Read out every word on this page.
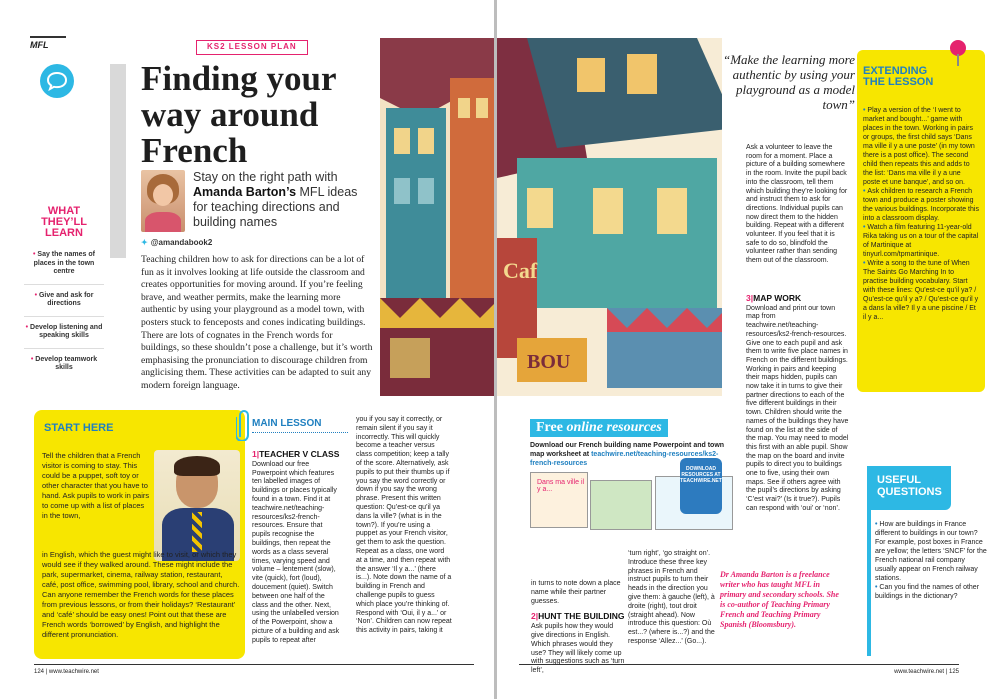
MFL	KS2 LESSON PLAN
Finding your way around French
Stay on the right path with Amanda Barton’s MFL ideas for teaching directions and building names
✦ @amandabook2
Teaching children how to ask for directions can be a lot of fun as it involves looking at life outside the classroom and creates opportunities for moving around. If you’re feeling brave, and weather permits, make the learning more authentic by using your playground as a model town, with posters stuck to fenceposts and cones indicating buildings. There are lots of cognates in the French words for buildings, so these shouldn’t pose a challenge, but it’s worth emphasising the pronunciation to discourage children from anglicising them. These activities can be adapted to suit any modern foreign language.
WHAT THEY’LL LEARN
• Say the names of places in the town centre
• Give and ask for directions
• Develop listening and speaking skills
• Develop teamwork skills
START HERE
Tell the children that a French visitor is coming to stay. This could be a puppet, soft toy or other character that you have to hand. Ask pupils to work in pairs to come up with a list of places in the town,
in English, which the guest might like to visit, or which they would see if they walked around. These might include the park, supermarket, cinema, railway station, restaurant, café, post office, swimming pool, library, school and church. Can anyone remember the French words for these places from previous lessons, or from their holidays? ‘Restaurant’ and ‘café’ should be easy ones! Point out that these are French words ‘borrowed’ by English, and highlight the different pronunciation.
MAIN LESSON
1|TEACHER V CLASS
Download our free Powerpoint which features ten labelled images of buildings or places typically found in a town. Find it at teachwire.net/teaching-resources/ks2-french-resources. Ensure that pupils recognise the buildings, then repeat the words as a class several times, varying speed and volume – lentement (slow), vite (quick), fort (loud), doucement (quiet). Switch between one half of the class and the other. Next, using the unlabelled version of the Powerpoint, show a picture of a building and ask pupils to repeat after
you if you say it correctly, or remain silent if you say it incorrectly. This will quickly become a teacher versus class competition; keep a tally of the score. Alternatively, ask pupils to put their thumbs up if you say the word correctly or down if you say the wrong phrase. Present this written question: Qu’est-ce qu’il ya dans la ville? (what is in the town?). If you’re using a puppet as your French visitor, get them to ask the question. Repeat as a class, one word at a time, and then repeat with the answer ‘Il y a...’ (there is...). Note down the name of a building in French and challenge pupils to guess which place you’re thinking of. Respond with ‘Oui, il y a...’ or ‘Non’. Children can now repeat this activity in pairs, taking it
124 | www.teachwire.net
Caf
BOU
“Make the learning more authentic by using your playground as a model town”
Ask a volunteer to leave the room for a moment. Place a picture of a building somewhere in the room. Invite the pupil back into the classroom, tell them which building they’re looking for and instruct them to ask for directions. Individual pupils can now direct them to the hidden building. Repeat with a different volunteer. If you feel that it is safe to do so, blindfold the volunteer rather than sending them out of the classroom.
3|MAP WORK
Download and print our town map from teachwire.net/teaching-resources/ks2-french-resources. Give one to each pupil and ask them to write five place names in French on the different buildings. Working in pairs and keeping their maps hidden, pupils can now take it in turns to give their partner directions to each of the five different buildings in their town. Children should write the names of the buildings they have found on the list at the side of the map. You may need to model this first with an able pupil. Show the map on the board and invite pupils to direct you to buildings one to five, using their own maps. See if others agree with the pupil’s directions by asking ‘C’est vrai?’ (Is it true?). Pupils can respond with ‘oui’ or ‘non’.
Free online resources
Download our French building name Powerpoint and town map worksheet at teachwire.net/teaching-resources/ks2-french-resources
Dans ma ville il y a...
DOWNLOAD RESOURCES AT TEACHWIRE.NET
in turns to note down a place name while their partner guesses.
2|HUNT THE BUILDING
Ask pupils how they would give directions in English. Which phrases would they use? They will likely come up with suggestions such as ‘turn left’,
‘turn right’, ‘go straight on’. Introduce these three key phrases in French and instruct pupils to turn their heads in the direction you give them: à gauche (left), à droite (right), tout droit (straight ahead). Now introduce this question: Où est...? (where is...?) and the response ‘Allez...’ (Go...).
Dr Amanda Barton is a freelance writer who has taught MFL in primary and secondary schools. She is co-author of Teaching Primary French and Teaching Primary Spanish (Bloomsbury).
EXTENDING THE LESSON
• Play a version of the ‘I went to market and bought...’ game with places in the town. Working in pairs or groups, the first child says ‘Dans ma ville il y a une poste’ (in my town there is a post office). The second child then repeats this and adds to the list: ‘Dans ma ville il y a une poste et une banque’, and so on.
• Ask children to research a French town and produce a poster showing the various buildings. Incorporate this into a classroom display.
• Watch a film featuring 11-year-old Rika taking us on a tour of the capital of Martinique at tinyurl.com/tpmartinique.
• Write a song to the tune of When The Saints Go Marching In to practise building vocabulary. Start with these lines: Qu’est-ce qu’il ya? / Qu’est-ce qu’il y a? / Qu’est-ce qu’il y a dans la ville? Il y a une piscine / Et il y a...
USEFUL QUESTIONS
• How are buildings in France different to buildings in our town? For example, post boxes in France are yellow; the letters ‘SNCF’ for the French national rail company usually appear on French railway stations.
• Can you find the names of other buildings in the dictionary?
www.teachwire.net | 125
